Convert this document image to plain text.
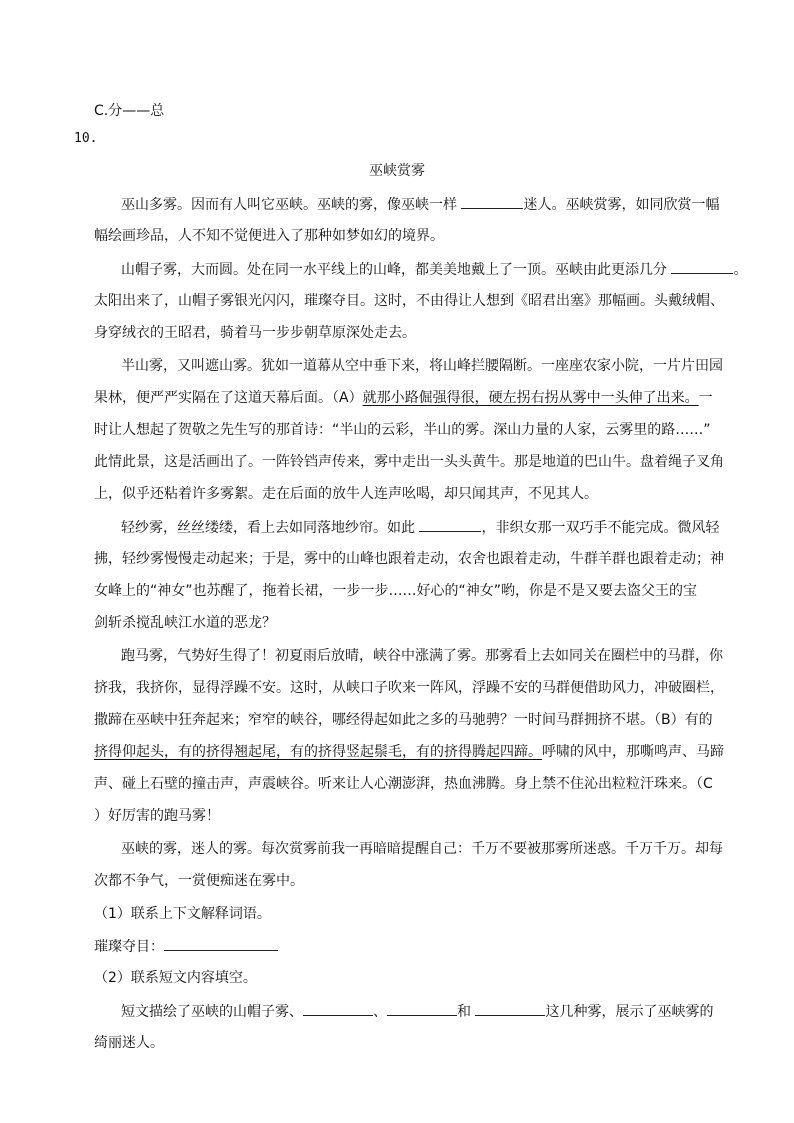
C.分——总
10.
巫峡赏雾
巫山多雾。因而有人叫它巫峡。巫峡的雾，像巫峡一样	迷人。巫峡赏雾，如同欣赏一幅
幅绘画珍品，人不知不觉便进入了那种如梦如幻的境界。
山帽子雾，大而圆。处在同一水平线上的山峰，都美美地戴上了一顶。巫峡由此更添几分	。
太阳出来了，山帽子雾银光闪闪，璀璨夺目。这时，不由得让人想到《昭君出塞》那幅画。头戴绒帽、
身穿绒衣的王昭君，骑着马一步步朝草原深处走去。
半山雾，又叫遮山雾。犹如一道幕从空中垂下来，将山峰拦腰隔断。一座座农家小院，一片片田园
果林，便严严实隔在了这道天幕后面。（A）就那小路倔强得很，硬左拐右拐从雾中一头伸了出来。一
时让人想起了贺敬之先生写的那首诗：“半山的云彩，半山的雾。深山力量的人家，云雾里的路……”
此情此景，这是活画出了。一阵铃铛声传来，雾中走出一头头黄牛。那是地道的巴山牛。盘着绳子叉角
上，似乎还粘着许多雾絮。走在后面的放牛人连声吆喝，却只闻其声，不见其人。
轻纱雾，丝丝缕缕，看上去如同落地纱帘。如此	，非织女那一双巧手不能完成。微风轻
拂，轻纱雾慢慢走动起来；于是，雾中的山峰也跟着走动，农舍也跟着走动，牛群羊群也跟着走动；神
女峰上的“神女”也苏醒了，拖着长裙，一步一步……好心的“神女”哟，你是不是又要去盗父王的宝
剑斩杀搅乱峡江水道的恶龙？
跑马雾，气势好生得了！初夏雨后放晴，峡谷中涨满了雾。那雾看上去如同关在圈栏中的马群，你
挤我，我挤你，显得浮躁不安。这时，从峡口子吹来一阵风，浮躁不安的马群便借助风力，冲破圈栏，
撒蹄在巫峡中狂奔起来；窄窄的峡谷，哪经得起如此之多的马驰骋？一时间马群拥挤不堪。（B）有的
挤得仰起头，有的挤得翘起尾，有的挤得竖起鬃毛，有的挤得腾起四蹄。呼啸的风中，那嘶鸣声、马蹄
声、碰上石壁的撞击声，声震峡谷。听来让人心潮澎湃，热血沸腾。身上禁不住沁出粒粒汗珠来。（C
）好厉害的跑马雾！
巫峡的雾，迷人的雾。每次赏雾前我一再暗暗提醒自己：千万不要被那雾所迷惑。千万千万。却每
次都不争气，一赏便痴迷在雾中。
（1）联系上下文解释词语。
璀璨夺目：
（2）联系短文内容填空。
短文描绘了巫峡的山帽子雾、	、	和	这几种雾，展示了巫峡雾的
绮丽迷人。
